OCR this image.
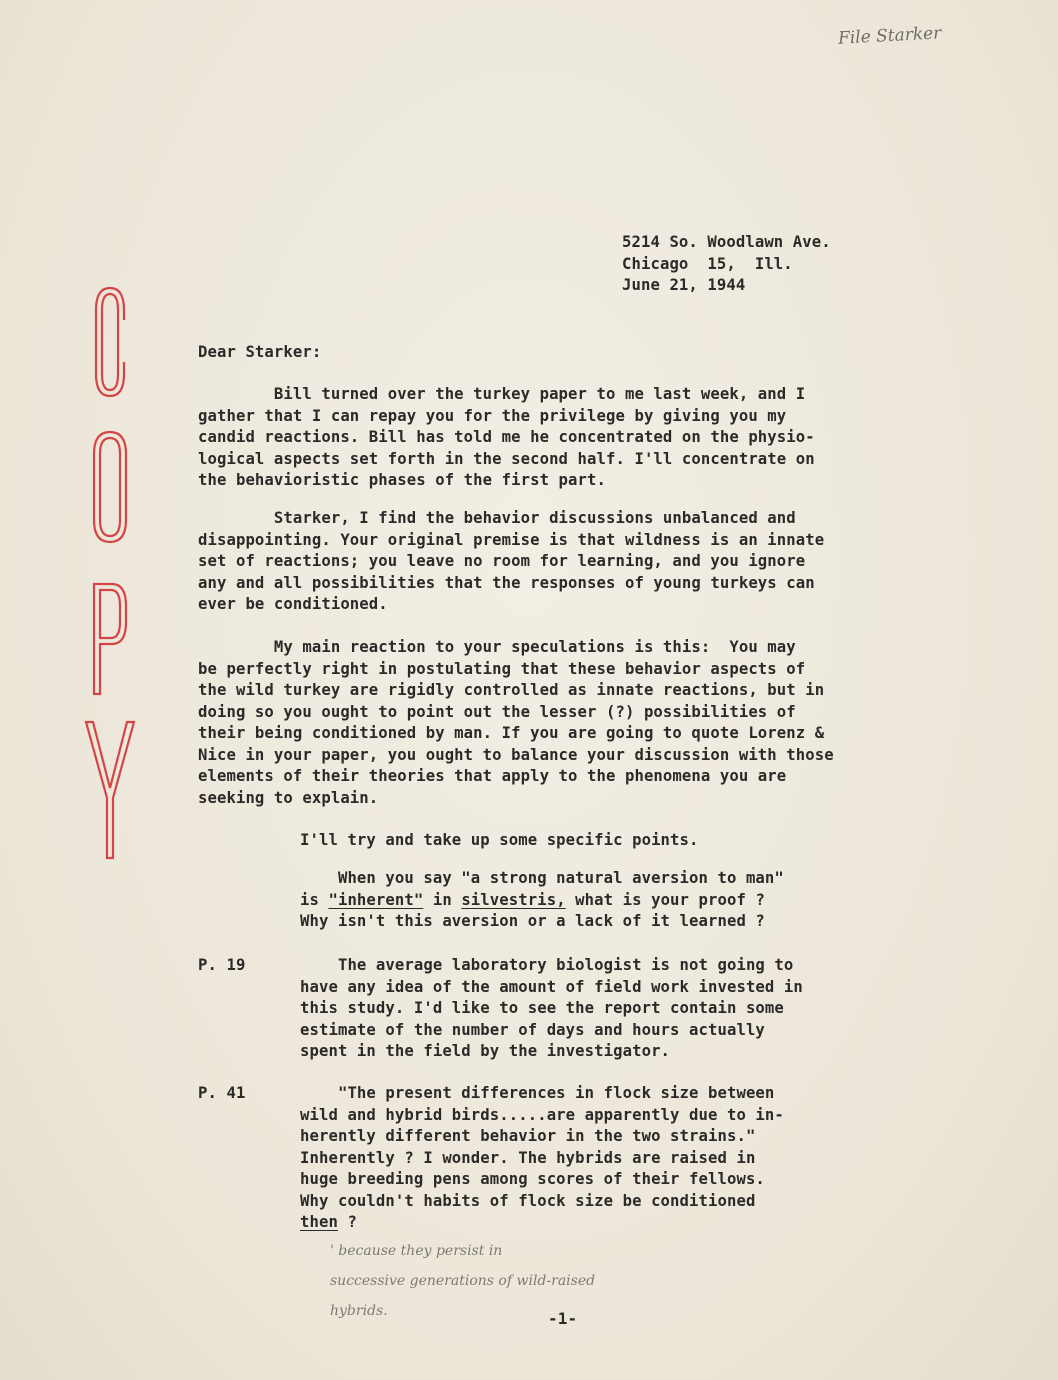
File Starker
5214 So. Woodlawn Ave.
Chicago  15,  Ill.
June 21, 1944
Dear Starker:
Bill turned over the turkey paper to me last week, and I
gather that I can repay you for the privilege by giving you my
candid reactions. Bill has told me he concentrated on the physio-
logical aspects set forth in the second half. I'll concentrate on
the behavioristic phases of the first part.
Starker, I find the behavior discussions unbalanced and
disappointing. Your original premise is that wildness is an innate
set of reactions; you leave no room for learning, and you ignore
any and all possibilities that the responses of young turkeys can
ever be conditioned.
My main reaction to your speculations is this:  You may
be perfectly right in postulating that these behavior aspects of
the wild turkey are rigidly controlled as innate reactions, but in
doing so you ought to point out the lesser (?) possibilities of
their being conditioned by man. If you are going to quote Lorenz &
Nice in your paper, you ought to balance your discussion with those
elements of their theories that apply to the phenomena you are
seeking to explain.
I'll try and take up some specific points.
When you say "a strong natural aversion to man"
is "inherent" in silvestris, what is your proof ?
Why isn't this aversion or a lack of it learned ?
P. 19	The average laboratory biologist is not going to
have any idea of the amount of field work invested in
this study. I'd like to see the report contain some
estimate of the number of days and hours actually
spent in the field by the investigator.
P. 41	"The present differences in flock size between
wild and hybrid birds.....are apparently due to in-
herently different behavior in the two strains."
Inherently ? I wonder. The hybrids are raised in
huge breeding pens among scores of their fellows.
Why couldn't habits of flock size be conditioned
then ?
' because they persist in
successive generations of wild-raised
hybrids.	-1-
